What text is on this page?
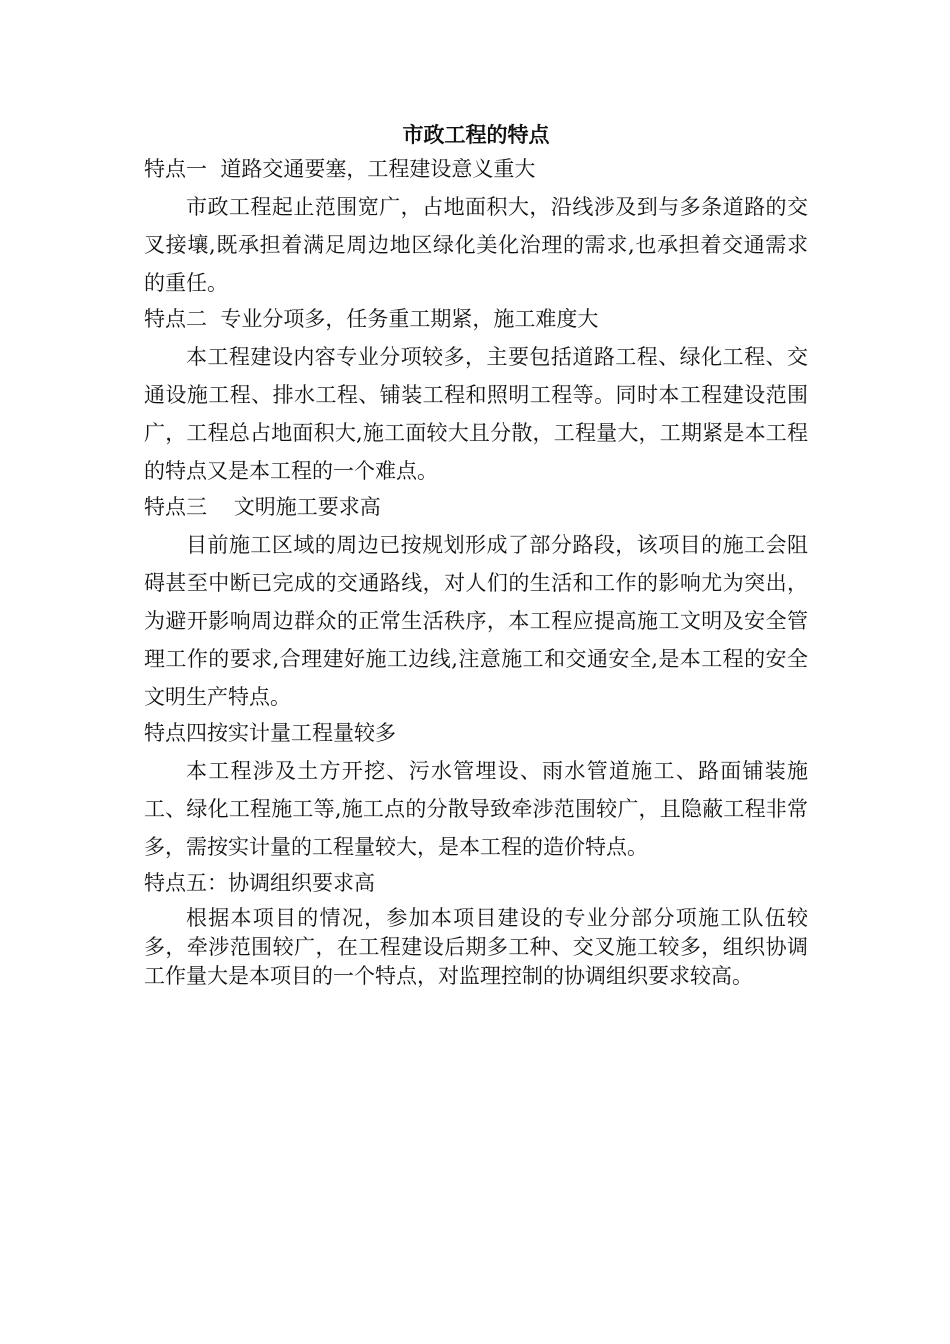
市政工程的特点

特点一  道路交通要塞，工程建设意义重大

市政工程起止范围宽广，占地面积大，沿线涉及到与多条道路的交叉接壤,既承担着满足周边地区绿化美化治理的需求,也承担着交通需求的重任。

特点二  专业分项多，任务重工期紧，施工难度大

本工程建设内容专业分项较多，主要包括道路工程、绿化工程、交通设施工程、排水工程、铺装工程和照明工程等。同时本工程建设范围广，工程总占地面积大,施工面较大且分散，工程量大，工期紧是本工程的特点又是本工程的一个难点。

特点三    文明施工要求高

目前施工区域的周边已按规划形成了部分路段，该项目的施工会阻碍甚至中断已完成的交通路线，对人们的生活和工作的影响尤为突出，为避开影响周边群众的正常生活秩序，本工程应提高施工文明及安全管理工作的要求,合理建好施工边线,注意施工和交通安全,是本工程的安全文明生产特点。

特点四按实计量工程量较多

本工程涉及土方开挖、污水管埋设、雨水管道施工、路面铺装施工、绿化工程施工等,施工点的分散导致牵涉范围较广，且隐蔽工程非常多，需按实计量的工程量较大，是本工程的造价特点。

特点五：协调组织要求高

根据本项目的情况，参加本项目建设的专业分部分项施工队伍较多，牵涉范围较广，在工程建设后期多工种、交叉施工较多，组织协调工作量大是本项目的一个特点，对监理控制的协调组织要求较高。
